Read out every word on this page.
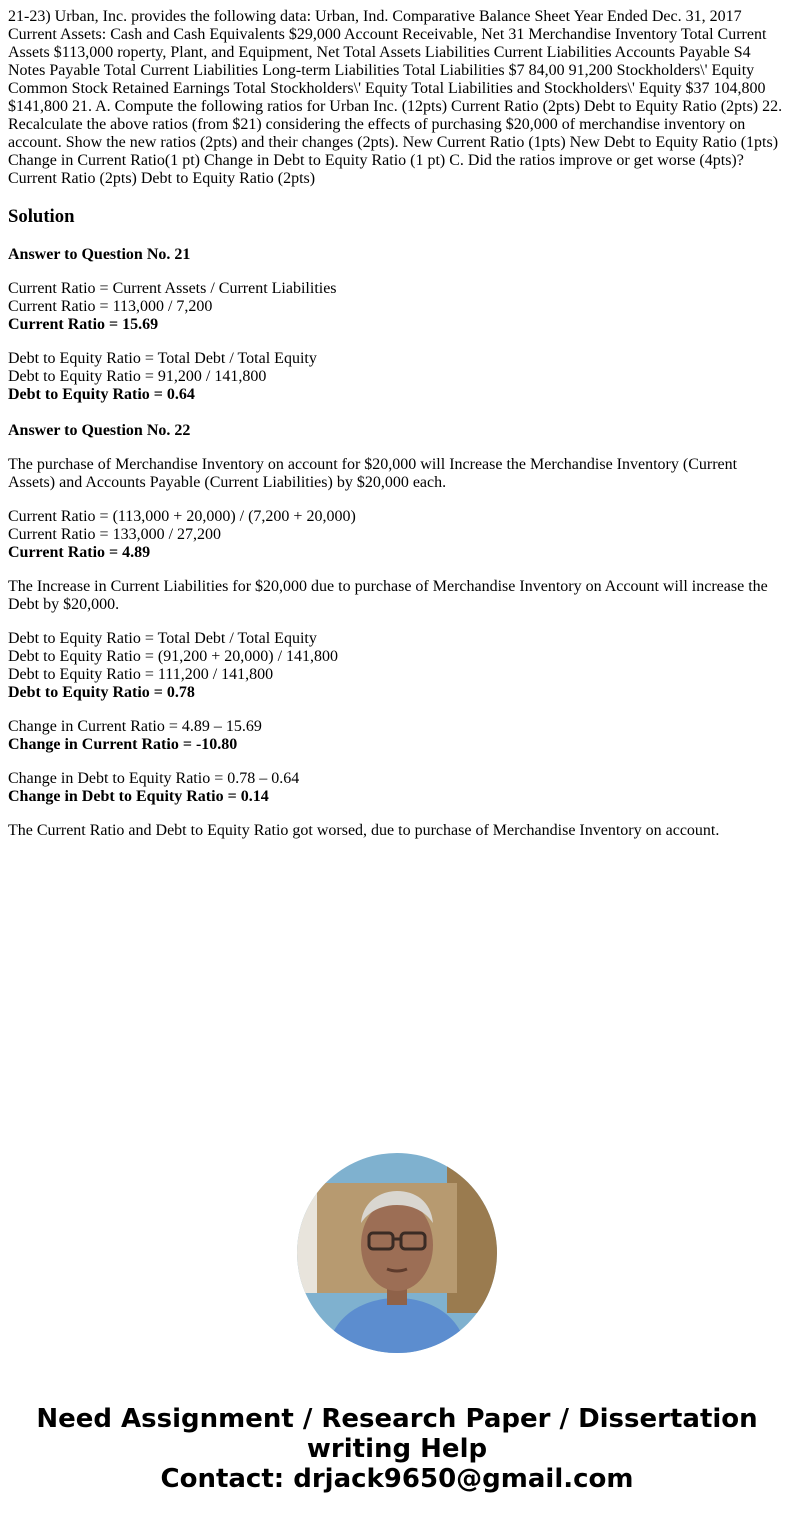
21-23) Urban, Inc. provides the following data: Urban, Ind. Comparative Balance Sheet Year Ended Dec. 31, 2017 Current Assets: Cash and Cash Equivalents $29,000 Account Receivable, Net 31 Merchandise Inventory Total Current Assets $113,000 roperty, Plant, and Equipment, Net Total Assets Liabilities Current Liabilities Accounts Payable S4 Notes Payable Total Current Liabilities Long-term Liabilities Total Liabilities $7 84,00 91,200 Stockholders\' Equity Common Stock Retained Earnings Total Stockholders\' Equity Total Liabilities and Stockholders\' Equity $37 104,800 $141,800 21. A. Compute the following ratios for Urban Inc. (12pts) Current Ratio (2pts) Debt to Equity Ratio (2pts) 22. Recalculate the above ratios (from $21) considering the effects of purchasing $20,000 of merchandise inventory on account. Show the new ratios (2pts) and their changes (2pts). New Current Ratio (1pts) New Debt to Equity Ratio (1pts) Change in Current Ratio(1 pt) Change in Debt to Equity Ratio (1 pt) C. Did the ratios improve or get worse (4pts)? Current Ratio (2pts) Debt to Equity Ratio (2pts)

Solution

Answer to Question No. 21

Current Ratio = Current Assets / Current Liabilities
Current Ratio = 113,000 / 7,200
Current Ratio = 15.69

Debt to Equity Ratio = Total Debt / Total Equity
Debt to Equity Ratio = 91,200 / 141,800
Debt to Equity Ratio = 0.64

Answer to Question No. 22

The purchase of Merchandise Inventory on account for $20,000 will Increase the Merchandise Inventory (Current Assets) and Accounts Payable (Current Liabilities) by $20,000 each.

Current Ratio = (113,000 + 20,000) / (7,200 + 20,000)
Current Ratio = 133,000 / 27,200
Current Ratio = 4.89

The Increase in Current Liabilities for $20,000 due to purchase of Merchandise Inventory on Account will increase the Debt by $20,000.

Debt to Equity Ratio = Total Debt / Total Equity
Debt to Equity Ratio = (91,200 + 20,000) / 141,800
Debt to Equity Ratio = 111,200 / 141,800
Debt to Equity Ratio = 0.78

Change in Current Ratio = 4.89 – 15.69
Change in Current Ratio = -10.80

Change in Debt to Equity Ratio = 0.78 – 0.64
Change in Debt to Equity Ratio = 0.14

The Current Ratio and Debt to Equity Ratio got worsed, due to purchase of Merchandise Inventory on account.

Need Assignment / Research Paper / Dissertation
writing Help
Contact: drjack9650@gmail.com
